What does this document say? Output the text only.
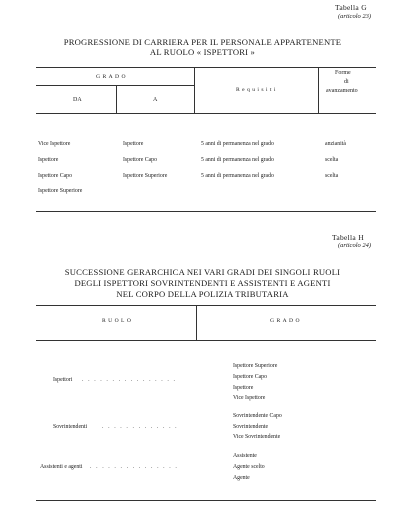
Tabella G
(articolo 23)
PROGRESSIONE DI CARRIERA PER IL PERSONALE APPARTENENTE
AL RUOLO « ISPETTORI »
GRADO
DA	A
Requisiti
Forme
di
avanzamento
Vice Ispettore	Ispettore	5 anni di permanenza nel grado	anzianità
Ispettore	Ispettore Capo	5 anni di permanenza nel grado	scelta
Ispettore Capo	Ispettore Superiore	5 anni di permanenza nel grado	scelta
Ispettore Superiore
Tabella H
(articolo 24)
SUCCESSIONE GERARCHICA NEI VARI GRADI DEI SINGOLI RUOLI
DEGLI ISPETTORI SOVRINTENDENTI E ASSISTENTI E AGENTI
NEL CORPO DELLA POLIZIA TRIBUTARIA
RUOLO	GRADO
Ispettori . . . . . . . . . . . . . . . .
Ispettore Superiore
Ispettore Capo
Ispettore
Vice Ispettore
Sovrintendenti	. . . . . . . . . . . . .
Sovrintendente Capo
Sovrintendente
Vice Sovrintendente
Assistenti e agenti . . . . . . . . . . . . . . .
Assistente
Agente scelto
Agente
